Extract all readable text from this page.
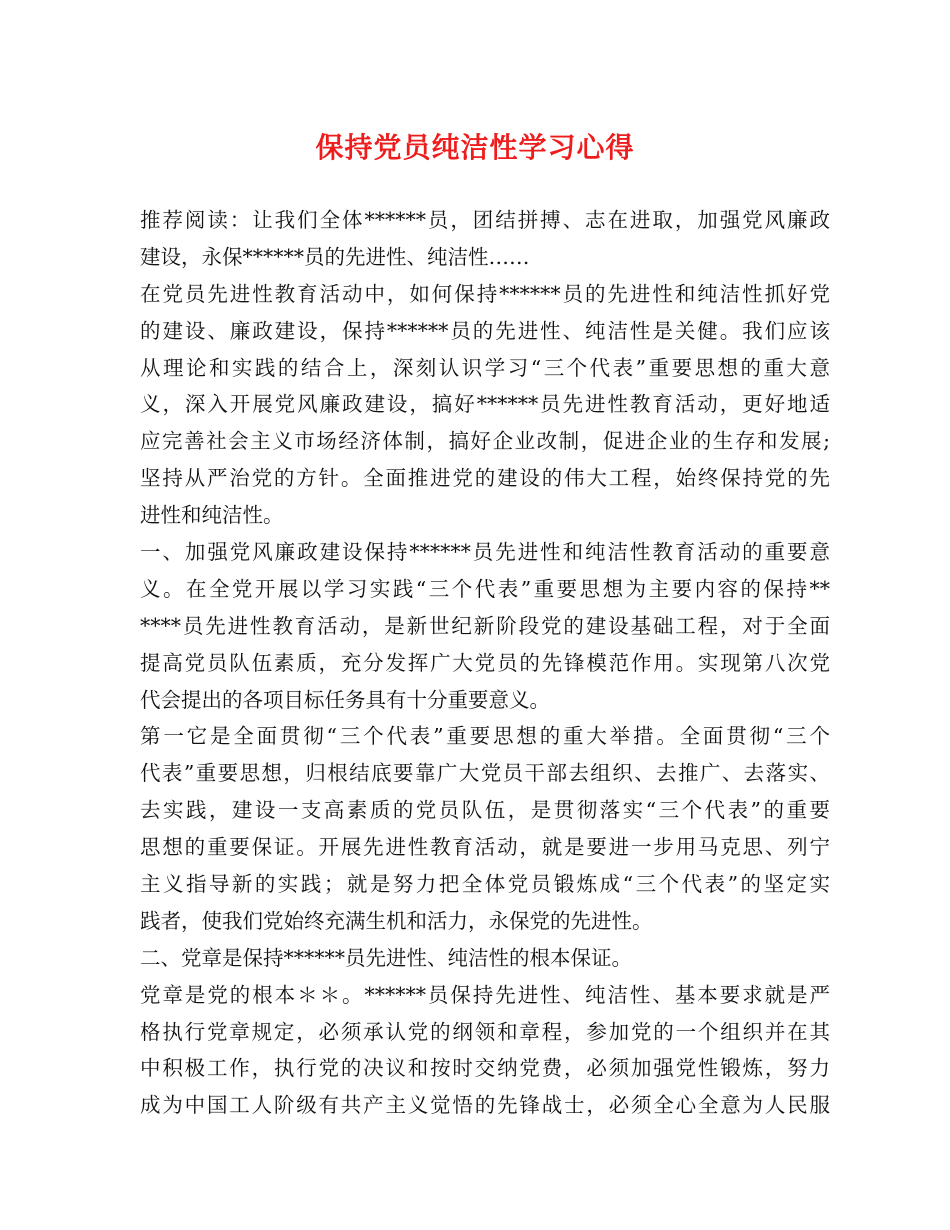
保持党员纯洁性学习心得
推荐阅读：让我们全体******员，团结拼搏、志在进取，加强党风廉政
建设，永保******员的先进性、纯洁性……
在党员先进性教育活动中，如何保持******员的先进性和纯洁性抓好党
的建设、廉政建设，保持******员的先进性、纯洁性是关健。我们应该
从理论和实践的结合上，深刻认识学习“三个代表”重要思想的重大意
义，深入开展党风廉政建设，搞好******员先进性教育活动，更好地适
应完善社会主义市场经济体制，搞好企业改制，促进企业的生存和发展;
坚持从严治党的方针。全面推进党的建设的伟大工程，始终保持党的先
进性和纯洁性。
一、加强党风廉政建设保持******员先进性和纯洁性教育活动的重要意
义。在全党开展以学习实践“三个代表”重要思想为主要内容的保持**
****员先进性教育活动，是新世纪新阶段党的建设基础工程，对于全面
提高党员队伍素质，充分发挥广大党员的先锋模范作用。实现第八次党
代会提出的各项目标任务具有十分重要意义。
第一它是全面贯彻“三个代表”重要思想的重大举措。全面贯彻“三个
代表”重要思想，归根结底要靠广大党员干部去组织、去推广、去落实、
去实践，建设一支高素质的党员队伍，是贯彻落实“三个代表”的重要
思想的重要保证。开展先进性教育活动，就是要进一步用马克思、列宁
主义指导新的实践；就是努力把全体党员锻炼成“三个代表”的坚定实
践者，使我们党始终充满生机和活力，永保党的先进性。
二、党章是保持******员先进性、纯洁性的根本保证。
党章是党的根本＊＊。******员保持先进性、纯洁性、基本要求就是严
格执行党章规定，必须承认党的纲领和章程，参加党的一个组织并在其
中积极工作，执行党的决议和按时交纳党费，必须加强党性锻炼，努力
成为中国工人阶级有共产主义觉悟的先锋战士，必须全心全意为人民服
